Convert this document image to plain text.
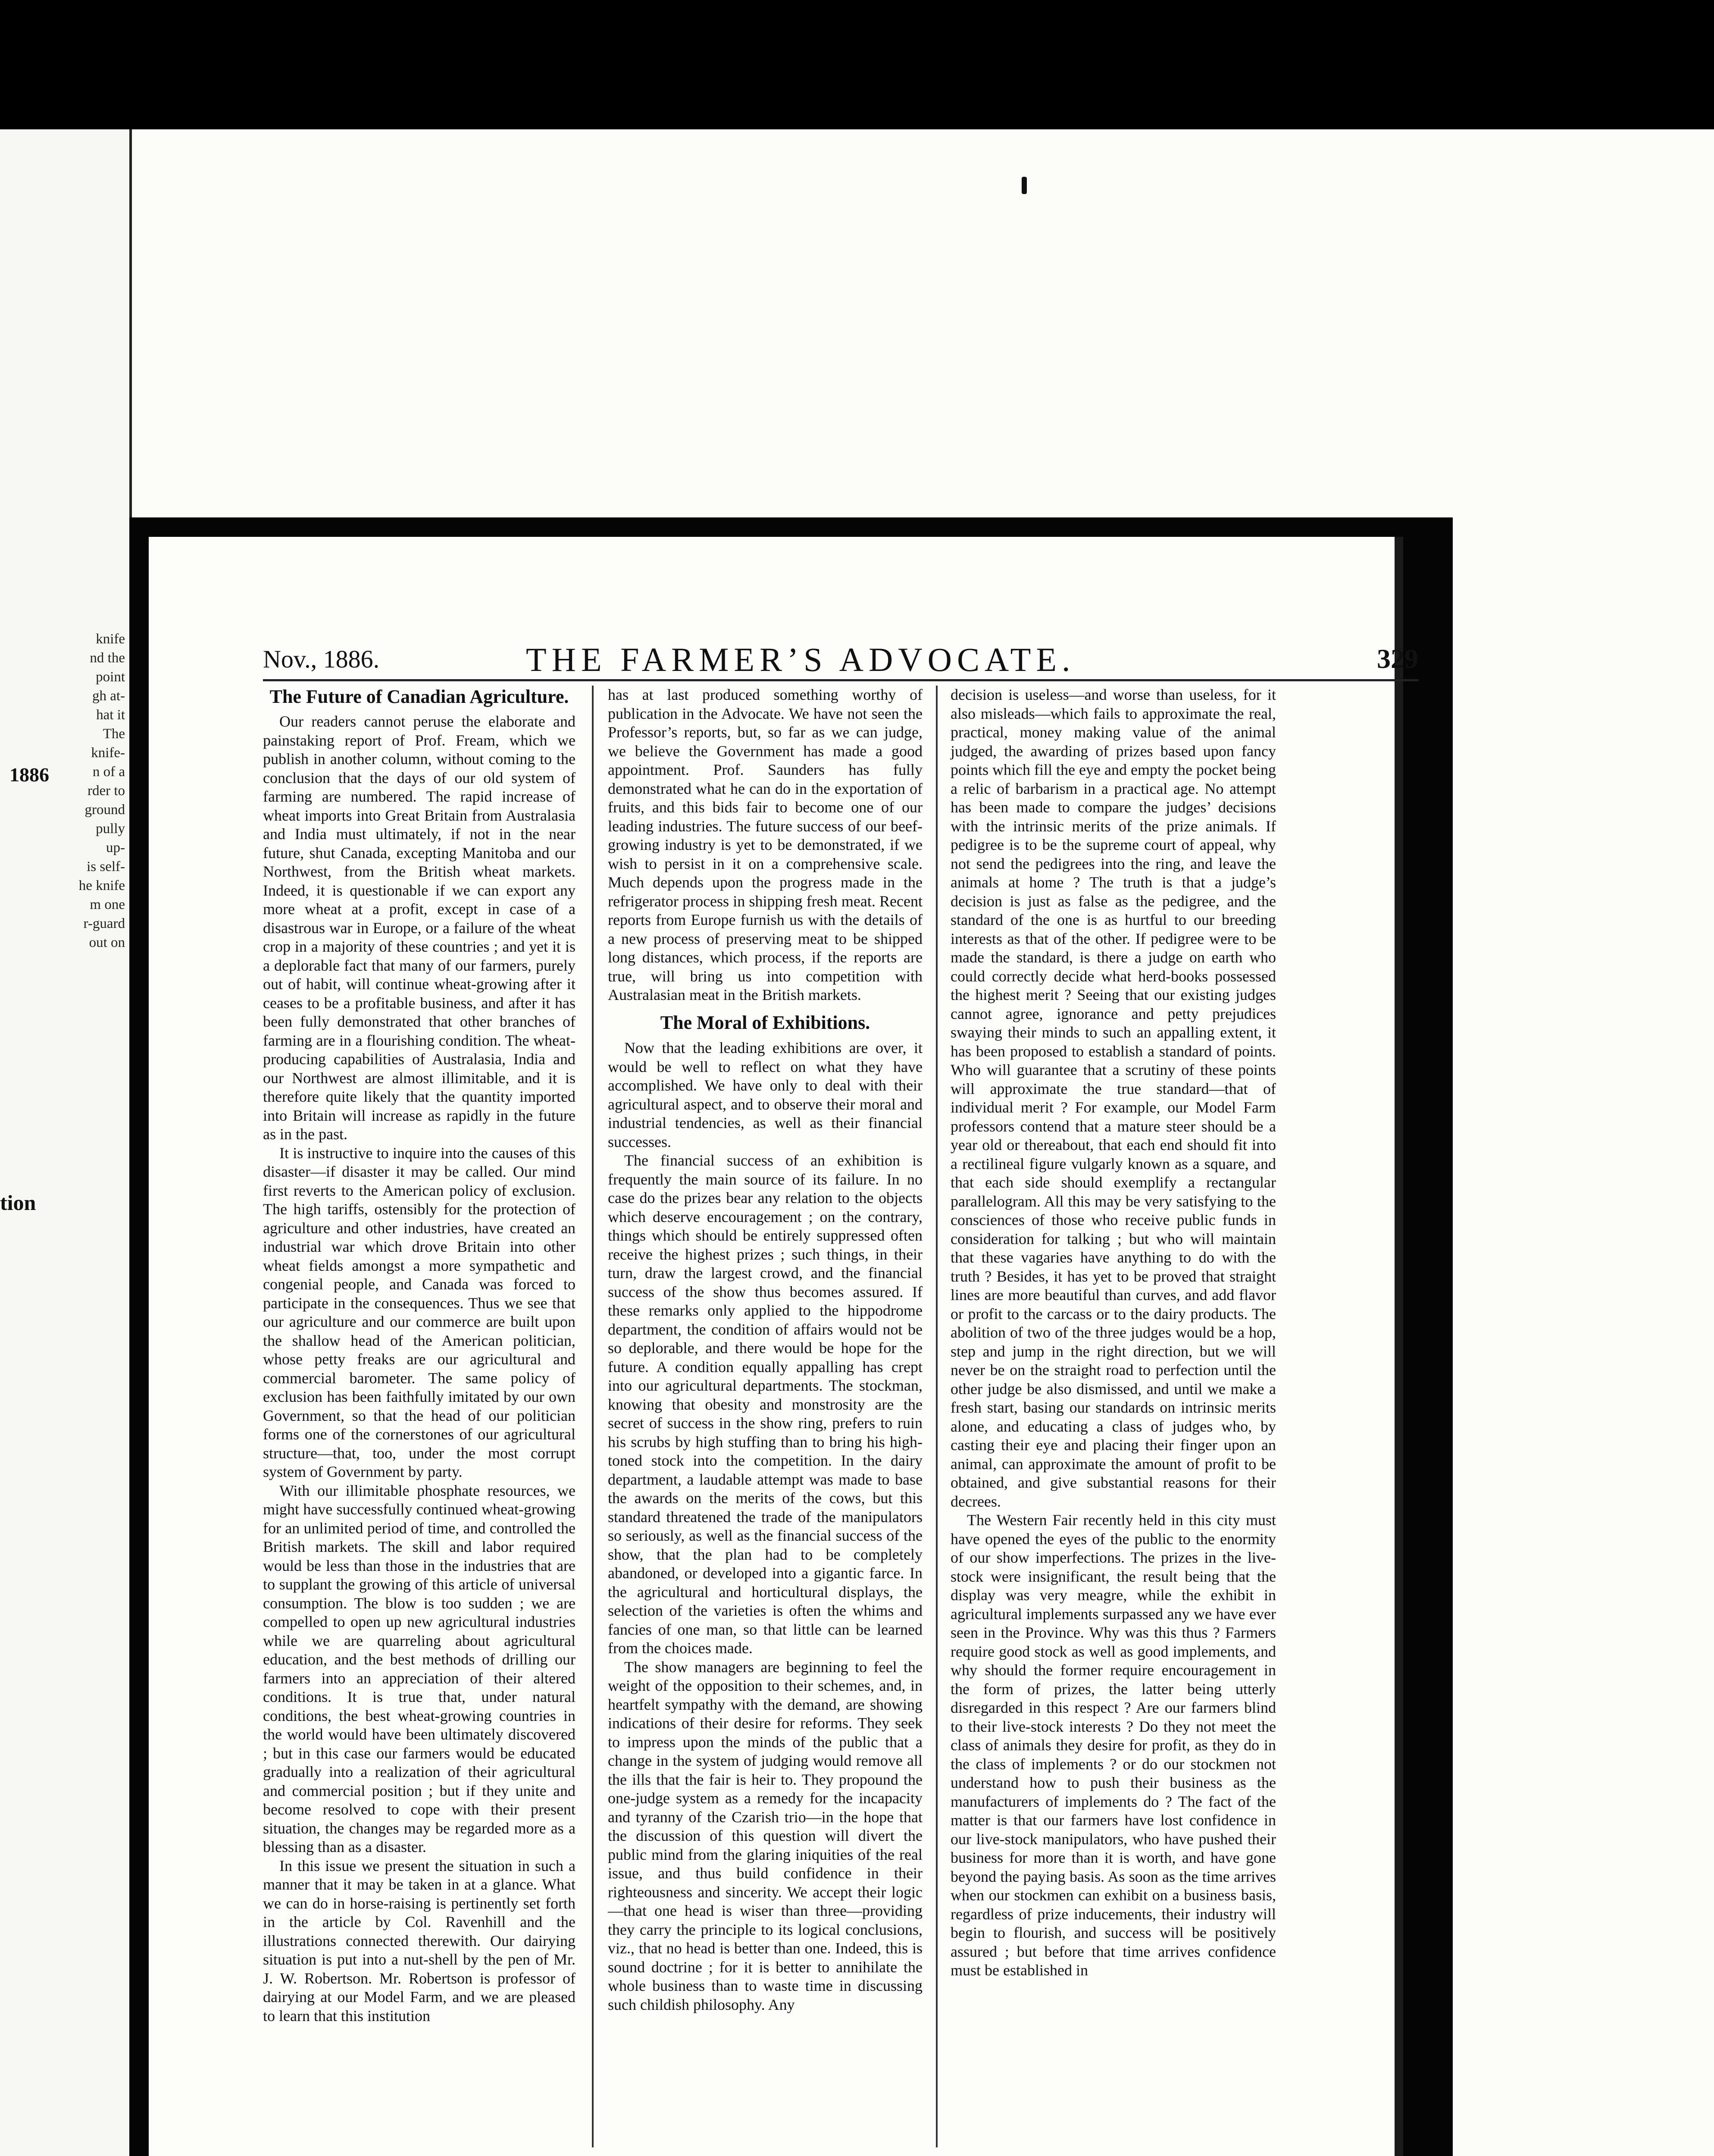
knife
nd the
point
gh at-
hat it
The
knife-
n of a
rder to
ground
pully
up-
is self-
he knife
m one
r-guard
out on
1886
tion
Nov., 1886.	THE FARMER’S ADVOCATE.	329
The Future of Canadian Agriculture.

Our readers cannot peruse the elaborate and painstaking report of Prof. Fream, which we publish in another column, without coming to the conclusion that the days of our old system of farming are numbered. The rapid increase of wheat imports into Great Britain from Australasia and India must ultimately, if not in the near future, shut Canada, excepting Manitoba and our Northwest, from the British wheat markets. Indeed, it is questionable if we can export any more wheat at a profit, except in case of a disastrous war in Europe, or a failure of the wheat crop in a majority of these countries ; and yet it is a deplorable fact that many of our farmers, purely out of habit, will continue wheat-growing after it ceases to be a profitable business, and after it has been fully demonstrated that other branches of farming are in a flourishing condition. The wheat-producing capabilities of Australasia, India and our Northwest are almost illimitable, and it is therefore quite likely that the quantity imported into Britain will increase as rapidly in the future as in the past.

It is instructive to inquire into the causes of this disaster—if disaster it may be called. Our mind first reverts to the American policy of exclusion. The high tariffs, ostensibly for the protection of agriculture and other industries, have created an industrial war which drove Britain into other wheat fields amongst a more sympathetic and congenial people, and Canada was forced to participate in the consequences. Thus we see that our agriculture and our commerce are built upon the shallow head of the American politician, whose petty freaks are our agricultural and commercial barometer. The same policy of exclusion has been faithfully imitated by our own Government, so that the head of our politician forms one of the cornerstones of our agricultural structure—that, too, under the most corrupt system of Government by party.

With our illimitable phosphate resources, we might have successfully continued wheat-growing for an unlimited period of time, and controlled the British markets. The skill and labor required would be less than those in the industries that are to supplant the growing of this article of universal consumption. The blow is too sudden ; we are compelled to open up new agricultural industries while we are quarreling about agricultural education, and the best methods of drilling our farmers into an appreciation of their altered conditions. It is true that, under natural conditions, the best wheat-growing countries in the world would have been ultimately discovered ; but in this case our farmers would be educated gradually into a realization of their agricultural and commercial position ; but if they unite and become resolved to cope with their present situation, the changes may be regarded more as a blessing than as a disaster.

In this issue we present the situation in such a manner that it may be taken in at a glance. What we can do in horse-raising is pertinently set forth in the article by Col. Ravenhill and the illustrations connected therewith. Our dairying situation is put into a nut-shell by the pen of Mr. J. W. Robertson. Mr. Robertson is professor of dairying at our Model Farm, and we are pleased to learn that this institution

has at last produced something worthy of publication in the Advocate. We have not seen the Professor’s reports, but, so far as we can judge, we believe the Government has made a good appointment. Prof. Saunders has fully demonstrated what he can do in the exportation of fruits, and this bids fair to become one of our leading industries. The future success of our beef-growing industry is yet to be demonstrated, if we wish to persist in it on a comprehensive scale. Much depends upon the progress made in the refrigerator process in shipping fresh meat. Recent reports from Europe furnish us with the details of a new process of preserving meat to be shipped long distances, which process, if the reports are true, will bring us into competition with Australasian meat in the British markets.

The Moral of Exhibitions.

Now that the leading exhibitions are over, it would be well to reflect on what they have accomplished. We have only to deal with their agricultural aspect, and to observe their moral and industrial tendencies, as well as their financial successes.

The financial success of an exhibition is frequently the main source of its failure. In no case do the prizes bear any relation to the objects which deserve encouragement ; on the contrary, things which should be entirely suppressed often receive the highest prizes ; such things, in their turn, draw the largest crowd, and the financial success of the show thus becomes assured. If these remarks only applied to the hippodrome department, the condition of affairs would not be so deplorable, and there would be hope for the future. A condition equally appalling has crept into our agricultural departments. The stockman, knowing that obesity and monstrosity are the secret of success in the show ring, prefers to ruin his scrubs by high stuffing than to bring his high-toned stock into the competition. In the dairy department, a laudable attempt was made to base the awards on the merits of the cows, but this standard threatened the trade of the manipulators so seriously, as well as the financial success of the show, that the plan had to be completely abandoned, or developed into a gigantic farce. In the agricultural and horticultural displays, the selection of the varieties is often the whims and fancies of one man, so that little can be learned from the choices made.

The show managers are beginning to feel the weight of the opposition to their schemes, and, in heartfelt sympathy with the demand, are showing indications of their desire for reforms. They seek to impress upon the minds of the public that a change in the system of judging would remove all the ills that the fair is heir to. They propound the one-judge system as a remedy for the incapacity and tyranny of the Czarish trio—in the hope that the discussion of this question will divert the public mind from the glaring iniquities of the real issue, and thus build confidence in their righteousness and sincerity. We accept their logic—that one head is wiser than three—providing they carry the principle to its logical conclusions, viz., that no head is better than one. Indeed, this is sound doctrine ; for it is better to annihilate the whole business than to waste time in discussing such childish philosophy. Any

decision is useless—and worse than useless, for it also misleads—which fails to approximate the real, practical, money making value of the animal judged, the awarding of prizes based upon fancy points which fill the eye and empty the pocket being a relic of barbarism in a practical age. No attempt has been made to compare the judges’ decisions with the intrinsic merits of the prize animals. If pedigree is to be the supreme court of appeal, why not send the pedigrees into the ring, and leave the animals at home ? The truth is that a judge’s decision is just as false as the pedigree, and the standard of the one is as hurtful to our breeding interests as that of the other. If pedigree were to be made the standard, is there a judge on earth who could correctly decide what herd-books possessed the highest merit ? Seeing that our existing judges cannot agree, ignorance and petty prejudices swaying their minds to such an appalling extent, it has been proposed to establish a standard of points. Who will guarantee that a scrutiny of these points will approximate the true standard—that of individual merit ? For example, our Model Farm professors contend that a mature steer should be a year old or thereabout, that each end should fit into a rectilineal figure vulgarly known as a square, and that each side should exemplify a rectangular parallelogram. All this may be very satisfying to the consciences of those who receive public funds in consideration for talking ; but who will maintain that these vagaries have anything to do with the truth ? Besides, it has yet to be proved that straight lines are more beautiful than curves, and add flavor or profit to the carcass or to the dairy products. The abolition of two of the three judges would be a hop, step and jump in the right direction, but we will never be on the straight road to perfection until the other judge be also dismissed, and until we make a fresh start, basing our standards on intrinsic merits alone, and educating a class of judges who, by casting their eye and placing their finger upon an animal, can approximate the amount of profit to be obtained, and give substantial reasons for their decrees.

The Western Fair recently held in this city must have opened the eyes of the public to the enormity of our show imperfections. The prizes in the live-stock were insignificant, the result being that the display was very meagre, while the exhibit in agricultural implements surpassed any we have ever seen in the Province. Why was this thus ? Farmers require good stock as well as good implements, and why should the former require encouragement in the form of prizes, the latter being utterly disregarded in this respect ? Are our farmers blind to their live-stock interests ? Do they not meet the class of animals they desire for profit, as they do in the class of implements ? or do our stockmen not understand how to push their business as the manufacturers of implements do ? The fact of the matter is that our farmers have lost confidence in our live-stock manipulators, who have pushed their business for more than it is worth, and have gone beyond the paying basis. As soon as the time arrives when our stockmen can exhibit on a business basis, regardless of prize inducements, their industry will begin to flourish, and success will be positively assured ; but before that time arrives confidence must be established in
